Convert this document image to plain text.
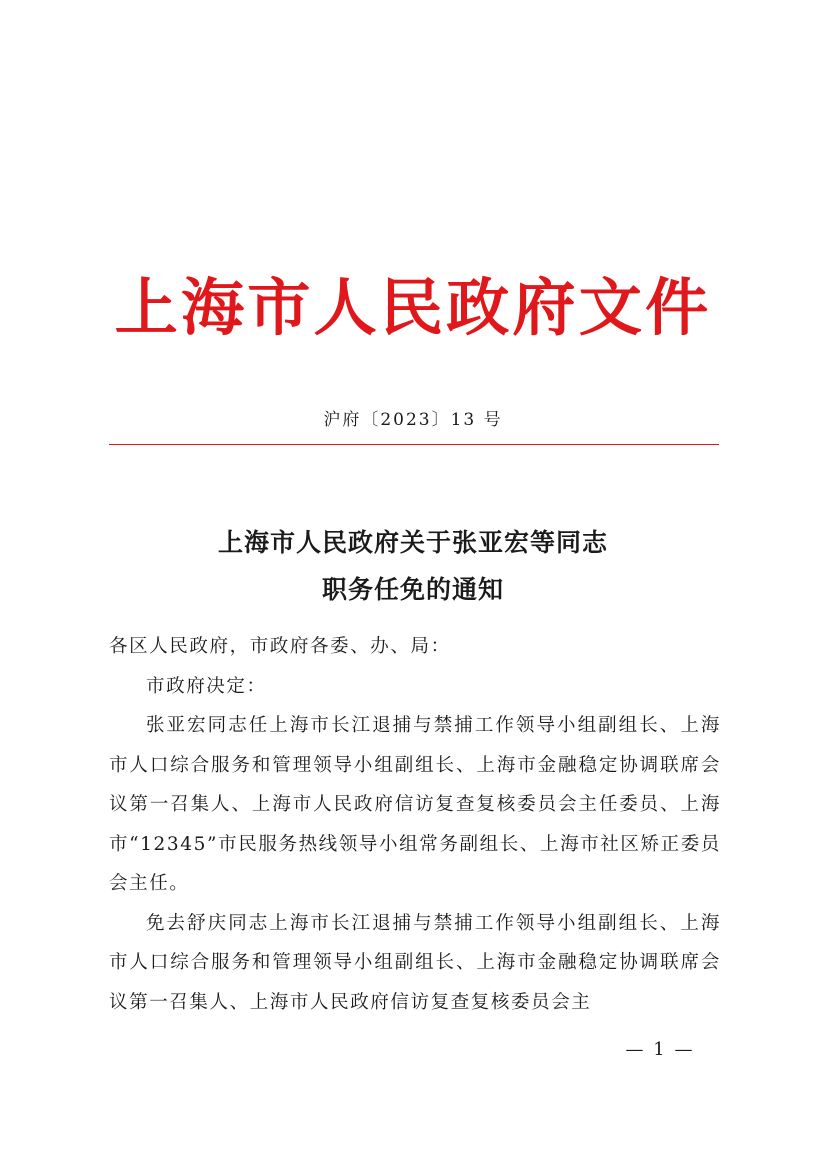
上海市人民政府文件
沪府〔2023〕13 号
上海市人民政府关于张亚宏等同志
职务任免的通知

各区人民政府，市政府各委、办、局：

市政府决定：

张亚宏同志任上海市长江退捕与禁捕工作领导小组副组长、上海市人口综合服务和管理领导小组副组长、上海市金融稳定协调联席会议第一召集人、上海市人民政府信访复查复核委员会主任委员、上海市“12345”市民服务热线领导小组常务副组长、上海市社区矫正委员会主任。

免去舒庆同志上海市长江退捕与禁捕工作领导小组副组长、上海市人口综合服务和管理领导小组副组长、上海市金融稳定协调联席会议第一召集人、上海市人民政府信访复查复核委员会主

— 1 —
